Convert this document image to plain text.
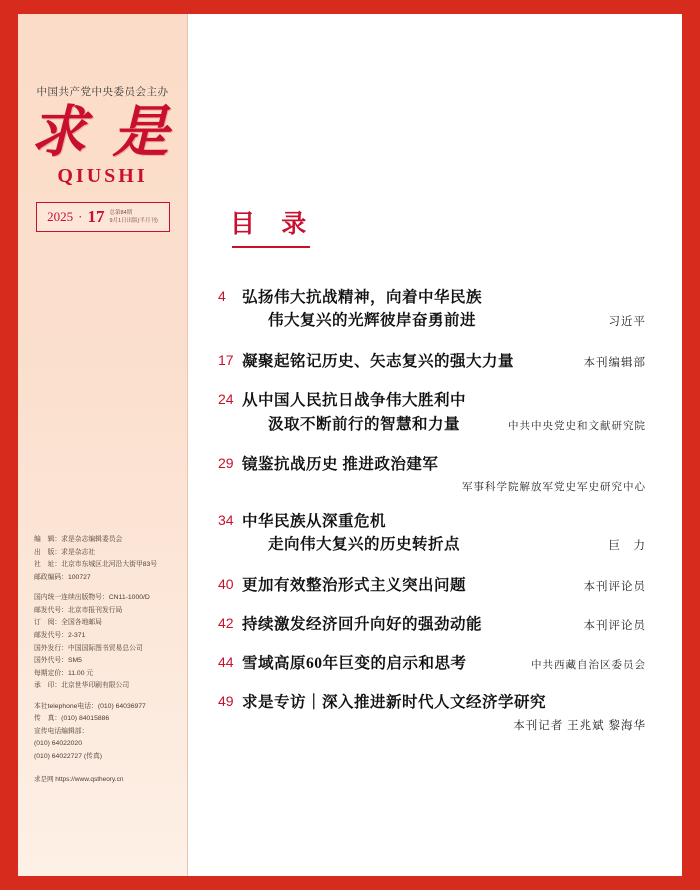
中国共产党中央委员会主办
求 是
QIUSHI
2025 · 17 总第84期
9月1日出版(半月刊)
编　辑：求是杂志编辑委员会
出　版：求是杂志社
社　址：北京市东城区北河沿大街甲83号
邮政编码：100727
国内统一连续出版物号：CN11-1000/D
邮发代号：北京市报刊发行局
订　阅：全国各地邮局
邮发代号：2-371
国外发行：中国国际图书贸易总公司
国外代号：SM5
每期定价：11.00 元
承　印：北京世华印刷有限公司
本社telephone电话：(010) 64036977
传　真：(010) 84015886
宣传电话编辑部：
(010) 64022020
(010) 64022727 (传真)
求是网 https://www.qstheory.cn
目 录
4	弘扬伟大抗战精神，向着中华民族
伟大复兴的光辉彼岸奋勇前进	习近平
17 凝聚起铭记历史、矢志复兴的强大力量	本刊编辑部
24 从中国人民抗日战争伟大胜利中
汲取不断前行的智慧和力量	中共中央党史和文献研究院
29 镜鉴抗战历史 推进政治建军
军事科学院解放军党史军史研究中心
34 中华民族从深重危机
走向伟大复兴的历史转折点	巨　力
40 更加有效整治形式主义突出问题	本刊评论员
42 持续激发经济回升向好的强劲动能	本刊评论员
44 雪域高原60年巨变的启示和思考	中共西藏自治区委员会
49 求是专访｜深入推进新时代人文经济学研究
本刊记者 王兆斌 黎海华
